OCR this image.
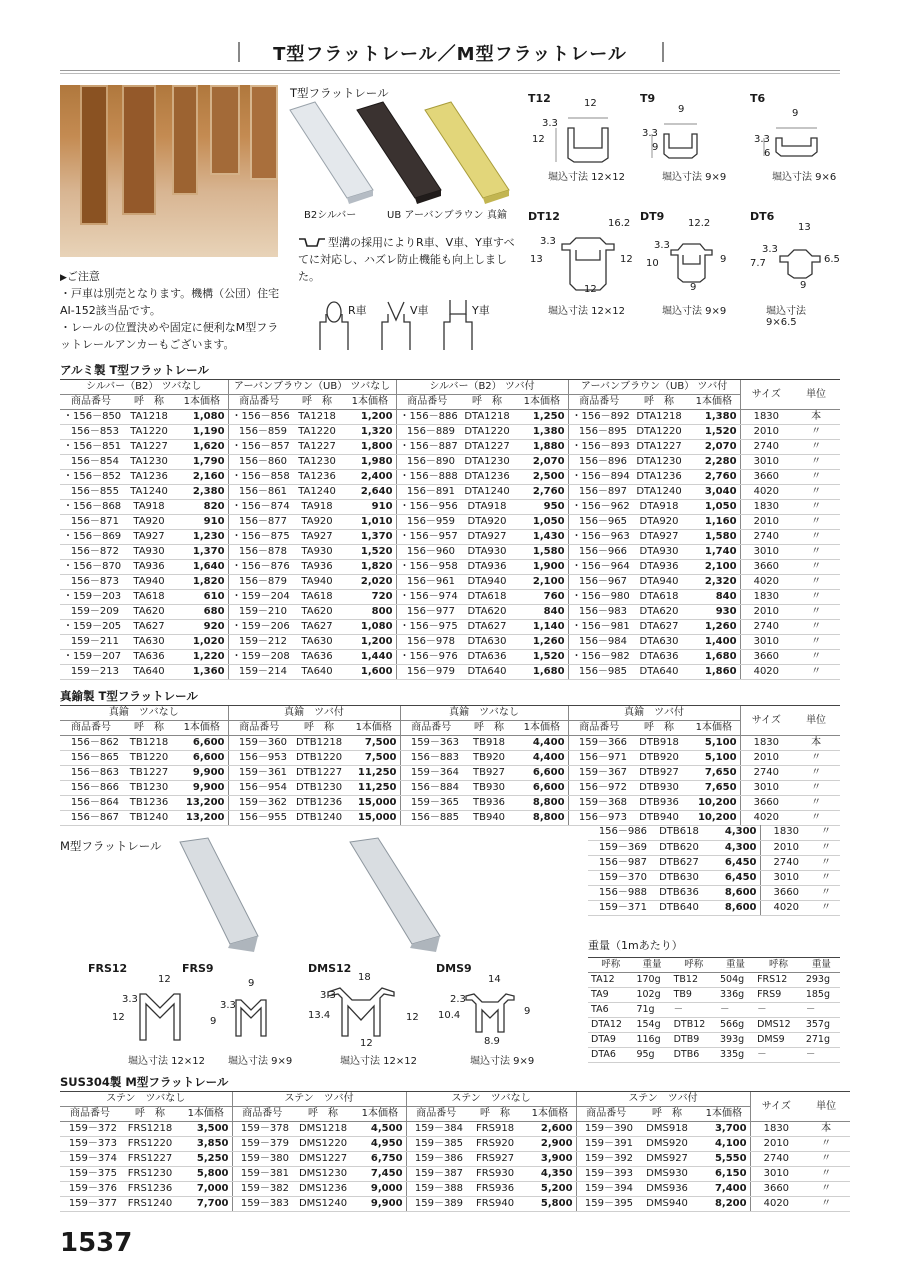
T型フラットレール／M型フラットレール
T型フラットレール
B2シルバー	UB アーバンブラウン 真鍮
型溝の採用によりR車、V車、Y車すべてに対応し、ハズレ防止機能も向上しました。
R車	V車	Y車
▶ご注意
・戸車は別売となります。機構（公団）住宅AI-152該当品です。
・レールの位置決めや固定に便利なM型フラットレールアンカーもございます。
T12	T9	T6
12
3.3
12
9
3.3
9
9
3.3
6
堀込寸法 12×12	堀込寸法 9×9	堀込寸法 9×6
DT12	DT9	DT6
16.2
3.3
13	12
12
12.2
3.3
10	9
9
13
3.3
7.7	6.5
9
堀込寸法 12×12	堀込寸法 9×9	堀込寸法 9×6.5
アルミ製 T型フラットレール
シルバー（B2） ツバなし			アーバンブラウン（UB） ツバなし			シルバー（B2） ツバ付			アーバンブラウン（UB） ツバ付			サイズ	単位
商品番号	呼　称	1本価格	商品番号	呼　称	1本価格	商品番号	呼　称	1本価格	商品番号	呼　称	1本価格		
・156－850	TA1218	1,080	・156－856	TA1218	1,200	・156－886	DTA1218	1,250	・156－892	DTA1218	1,380	1830	本
156－853	TA1220	1,190	156－859	TA1220	1,320	156－889	DTA1220	1,380	156－895	DTA1220	1,520	2010	〃
・156－851	TA1227	1,620	・156－857	TA1227	1,800	・156－887	DTA1227	1,880	・156－893	DTA1227	2,070	2740	〃
156－854	TA1230	1,790	156－860	TA1230	1,980	156－890	DTA1230	2,070	156－896	DTA1230	2,280	3010	〃
・156－852	TA1236	2,160	・156－858	TA1236	2,400	・156－888	DTA1236	2,500	・156－894	DTA1236	2,760	3660	〃
156－855	TA1240	2,380	156－861	TA1240	2,640	156－891	DTA1240	2,760	156－897	DTA1240	3,040	4020	〃
・156－868	TA918	820	・156－874	TA918	910	・156－956	DTA918	950	・156－962	DTA918	1,050	1830	〃
156－871	TA920	910	156－877	TA920	1,010	156－959	DTA920	1,050	156－965	DTA920	1,160	2010	〃
・156－869	TA927	1,230	・156－875	TA927	1,370	・156－957	DTA927	1,430	・156－963	DTA927	1,580	2740	〃
156－872	TA930	1,370	156－878	TA930	1,520	156－960	DTA930	1,580	156－966	DTA930	1,740	3010	〃
・156－870	TA936	1,640	・156－876	TA936	1,820	・156－958	DTA936	1,900	・156－964	DTA936	2,100	3660	〃
156－873	TA940	1,820	156－879	TA940	2,020	156－961	DTA940	2,100	156－967	DTA940	2,320	4020	〃
・159－203	TA618	610	・159－204	TA618	720	・156－974	DTA618	760	・156－980	DTA618	840	1830	〃
159－209	TA620	680	159－210	TA620	800	156－977	DTA620	840	156－983	DTA620	930	2010	〃
・159－205	TA627	920	・159－206	TA627	1,080	・156－975	DTA627	1,140	・156－981	DTA627	1,260	2740	〃
159－211	TA630	1,020	159－212	TA630	1,200	156－978	DTA630	1,260	156－984	DTA630	1,400	3010	〃
・159－207	TA636	1,220	・159－208	TA636	1,440	・156－976	DTA636	1,520	・156－982	DTA636	1,680	3660	〃
159－213	TA640	1,360	159－214	TA640	1,600	156－979	DTA640	1,680	156－985	DTA640	1,860	4020	〃
真鍮製 T型フラットレール
真鍮　ツバなし			真鍮　ツバ付			真鍮　ツバなし			真鍮　ツバ付			サイズ	単位
商品番号	呼　称	1本価格	商品番号	呼　称	1本価格	商品番号	呼　称	1本価格	商品番号	呼　称	1本価格		
156－862	TB1218	6,600	159－360	DTB1218	7,500	159－363	TB918	4,400	159－366	DTB918	5,100	1830	本
156－865	TB1220	6,600	156－953	DTB1220	7,500	156－883	TB920	4,400	156－971	DTB920	5,100	2010	〃
156－863	TB1227	9,900	159－361	DTB1227	11,250	159－364	TB927	6,600	159－367	DTB927	7,650	2740	〃
156－866	TB1230	9,900	156－954	DTB1230	11,250	156－884	TB930	6,600	156－972	DTB930	7,650	3010	〃
156－864	TB1236	13,200	159－362	DTB1236	15,000	159－365	TB936	8,800	159－368	DTB936	10,200	3660	〃
156－867	TB1240	13,200	156－955	DTB1240	15,000	156－885	TB940	8,800	156－973	DTB940	10,200	4020	〃
156－986	DTB618	4,300	1830	〃
159－369	DTB620	4,300	2010	〃
156－987	DTB627	6,450	2740	〃
159－370	DTB630	6,450	3010	〃
156－988	DTB636	8,600	3660	〃
159－371	DTB640	8,600	4020	〃
M型フラットレール
FRS12	FRS9	DMS12	DMS9
12
3.3
12
9
3.3
9
18
3.3
13.4	12
12
14
2.3
10.4	9
8.9
堀込寸法 12×12 堀込寸法 9×9	堀込寸法 12×12	堀込寸法 9×9
重量（1mあたり）
呼称	重量	呼称	重量	呼称	重量
TA12	170g	TB12	504g	FRS12	293g
TA9	102g	TB9	336g	FRS9	185g
TA6	71g	－	－	－	－
DTA12	154g	DTB12	566g	DMS12	357g
DTA9	116g	DTB9	393g	DMS9	271g
DTA6	95g	DTB6	335g	－	－
SUS304製 M型フラットレール
ステン　ツバなし			ステン　ツバ付			ステン　ツバなし			ステン　ツバ付			サイズ	単位
商品番号	呼　称	1本価格	商品番号	呼　称	1本価格	商品番号	呼　称	1本価格	商品番号	呼　称	1本価格		
159－372	FRS1218	3,500	159－378	DMS1218	4,500	159－384	FRS918	2,600	159－390	DMS918	3,700	1830	本
159－373	FRS1220	3,850	159－379	DMS1220	4,950	159－385	FRS920	2,900	159－391	DMS920	4,100	2010	〃
159－374	FRS1227	5,250	159－380	DMS1227	6,750	159－386	FRS927	3,900	159－392	DMS927	5,550	2740	〃
159－375	FRS1230	5,800	159－381	DMS1230	7,450	159－387	FRS930	4,350	159－393	DMS930	6,150	3010	〃
159－376	FRS1236	7,000	159－382	DMS1236	9,000	159－388	FRS936	5,200	159－394	DMS936	7,400	3660	〃
159－377	FRS1240	7,700	159－383	DMS1240	9,900	159－389	FRS940	5,800	159－395	DMS940	8,200	4020	〃
1537
